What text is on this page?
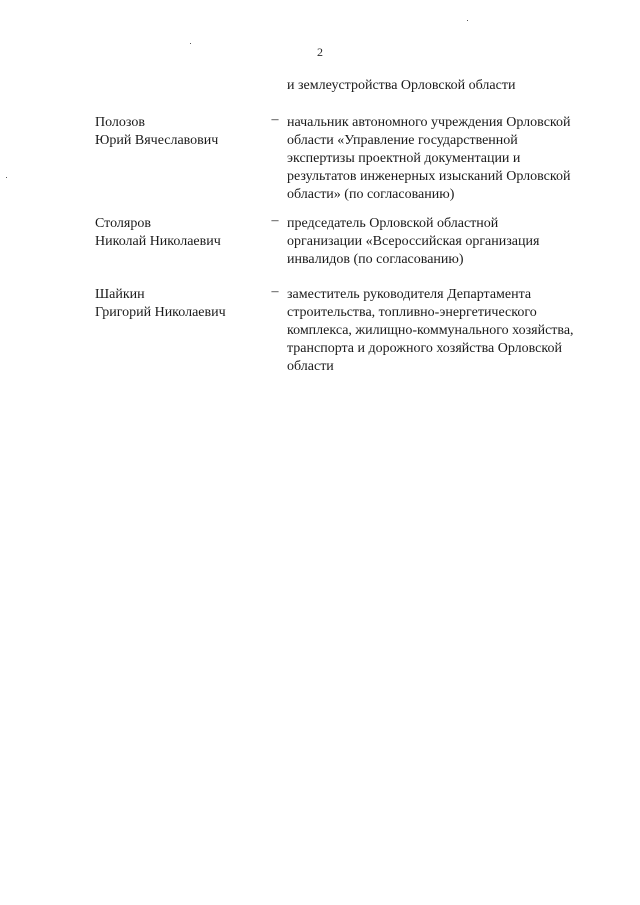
2
и землеустройства Орловской области
Полозов
Юрий Вячеславович
– начальник автономного учреждения Орловской
области «Управление государственной
экспертизы проектной документации и
результатов инженерных изысканий Орловской
области» (по согласованию)
Столяров
Николай Николаевич
– председатель Орловской областной
организации «Всероссийская организация
инвалидов (по согласованию)
Шайкин
Григорий Николаевич
– заместитель руководителя Департамента
строительства, топливно-энергетического
комплекса, жилищно-коммунального хозяйства,
транспорта и дорожного хозяйства Орловской
области
